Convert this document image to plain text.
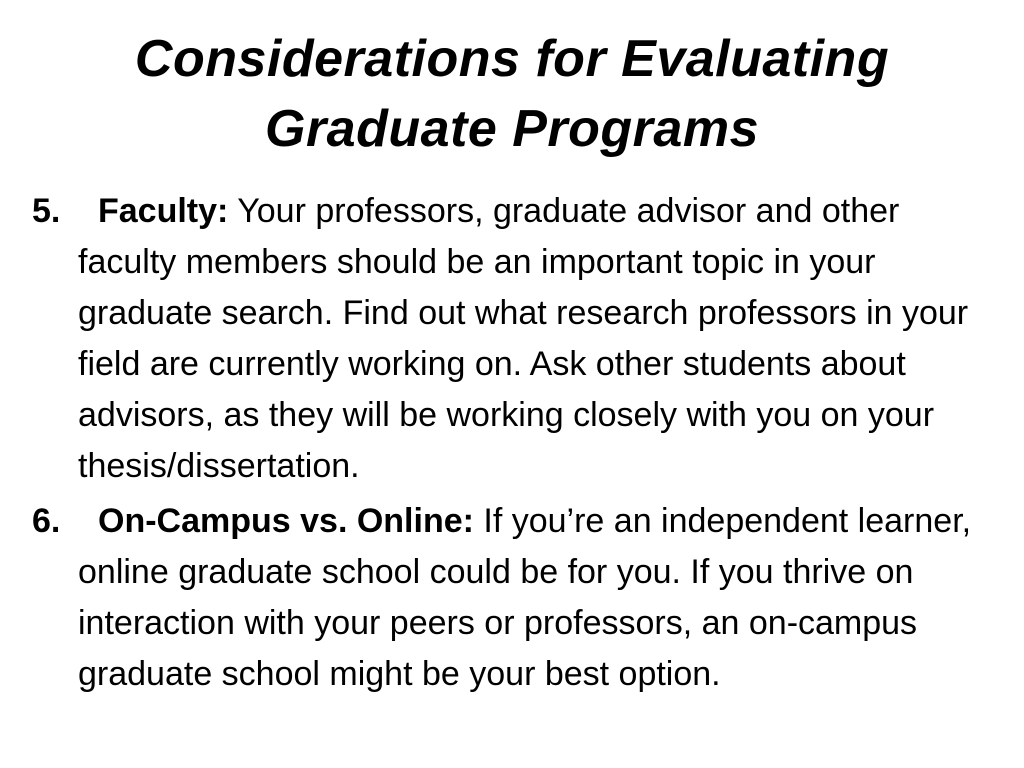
Considerations for Evaluating
Graduate Programs
5. Faculty: Your professors, graduate advisor and other faculty members should be an important topic in your graduate search. Find out what research professors in your field are currently working on. Ask other students about advisors, as they will be working closely with you on your thesis/dissertation.
6. On-Campus vs. Online: If you’re an independent learner, online graduate school could be for you. If you thrive on interaction with your peers or professors, an on-campus graduate school might be your best option.
